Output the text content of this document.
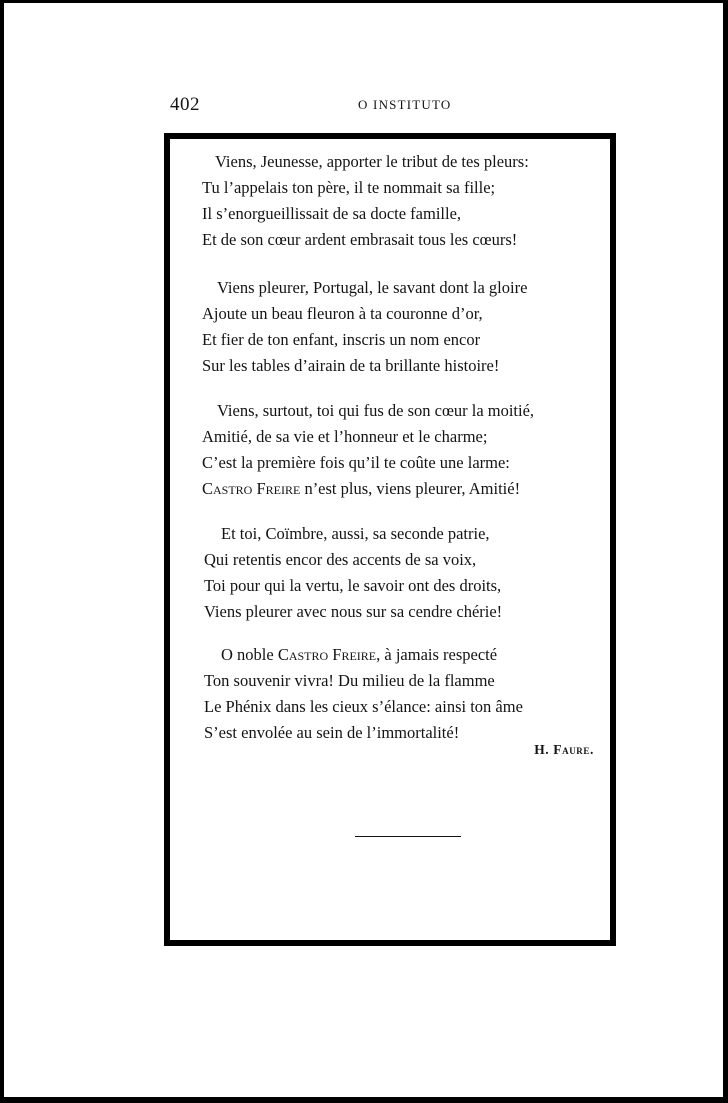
402	O INSTITUTO
Viens, Jeunesse, apporter le tribut de tes pleurs:
Tu l’appelais ton père, il te nommait sa fille;
Il s’enorgueillissait de sa docte famille,
Et de son cœur ardent embrasait tous les cœurs!
Viens pleurer, Portugal, le savant dont la gloire
Ajoute un beau fleuron à ta couronne d’or,
Et fier de ton enfant, inscris un nom encor
Sur les tables d’airain de ta brillante histoire!
Viens, surtout, toi qui fus de son cœur la moitié,
Amitié, de sa vie et l’honneur et le charme;
C’est la première fois qu’il te coûte une larme:
Castro Freire n’est plus, viens pleurer, Amitié!
Et toi, Coïmbre, aussi, sa seconde patrie,
Qui retentis encor des accents de sa voix,
Toi pour qui la vertu, le savoir ont des droits,
Viens pleurer avec nous sur sa cendre chérie!
O noble Castro Freire, à jamais respecté
Ton souvenir vivra! Du milieu de la flamme
Le Phénix dans les cieux s’élance: ainsi ton âme
S’est envolée au sein de l’immortalité!
H. Faure.
